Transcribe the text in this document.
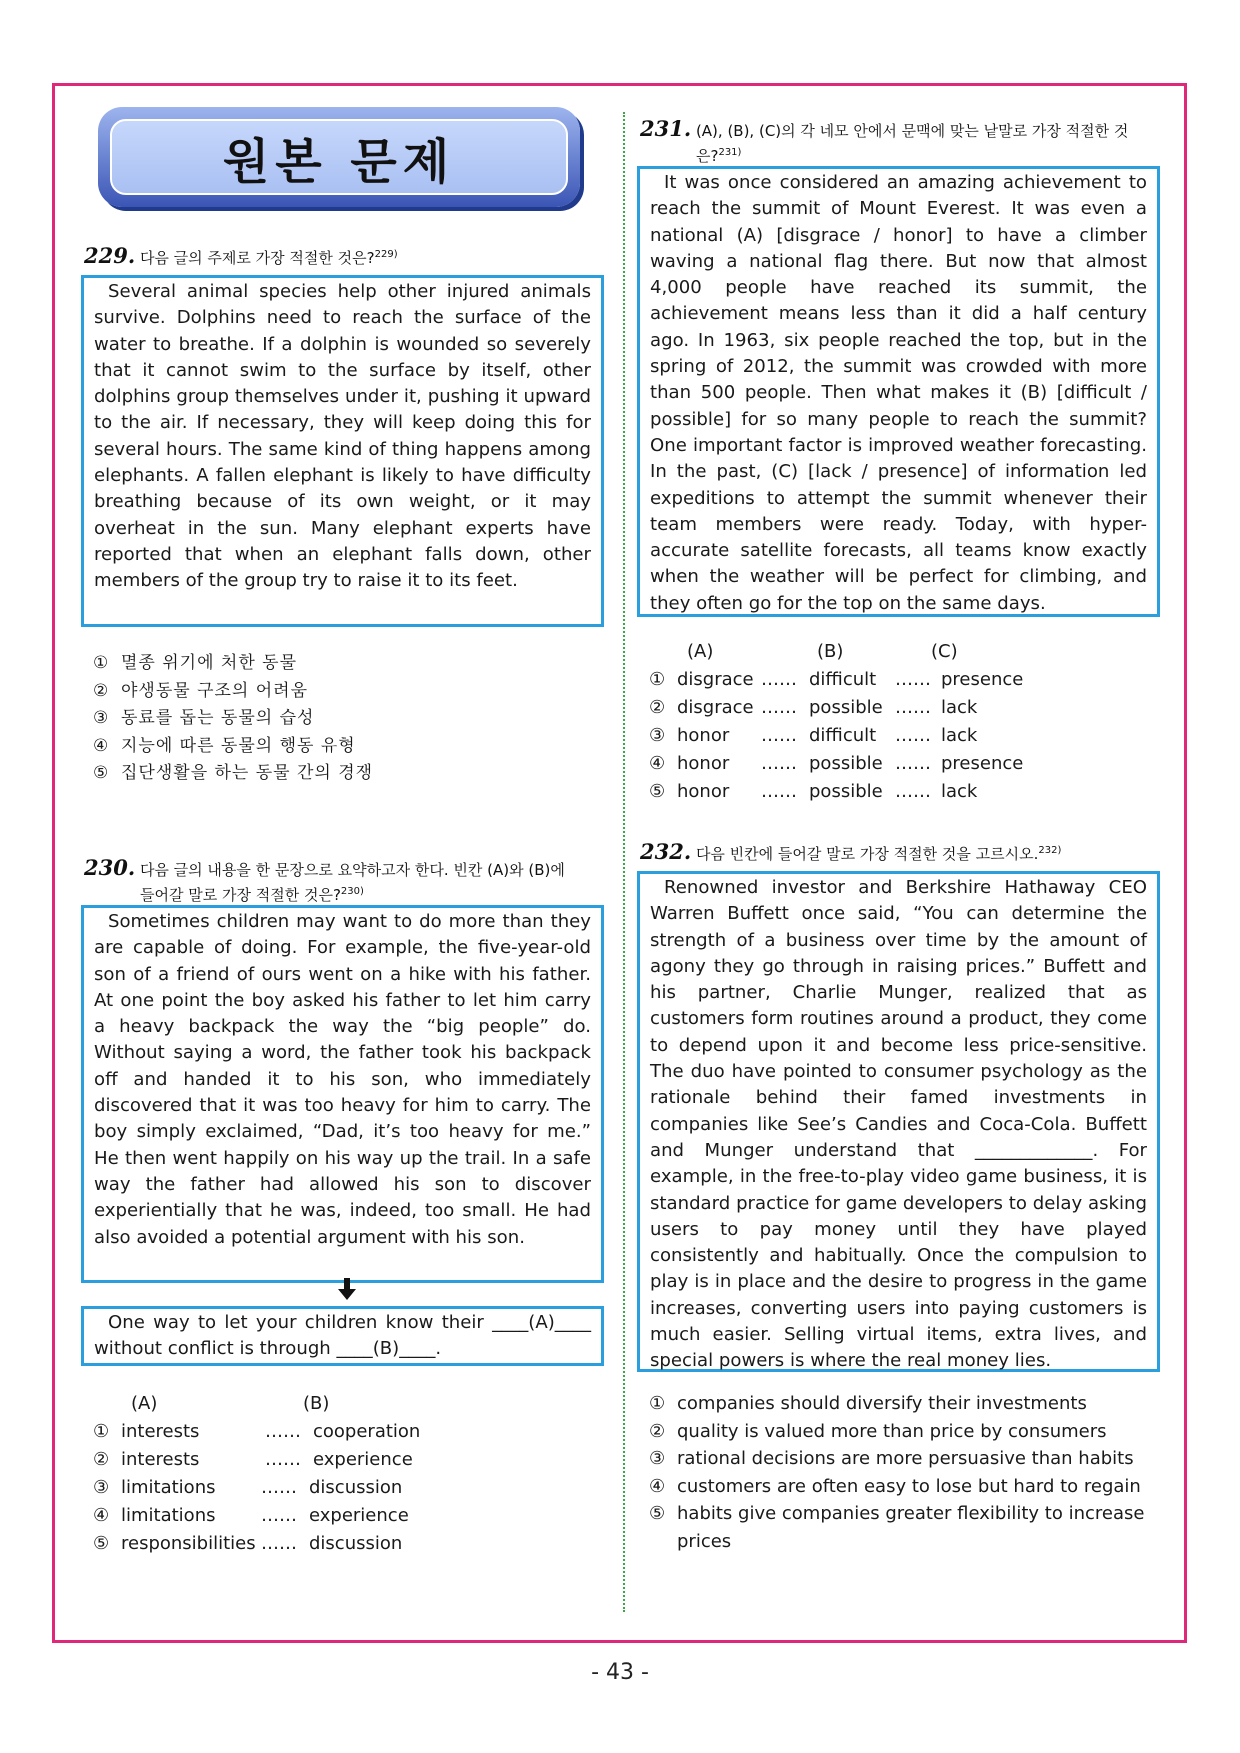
원본 문제
229. 다음 글의 주제로 가장 적절한 것은?$^{229)}$

Several animal species help other injured animals survive. Dolphins need to reach the surface of the water to breathe. If a dolphin is wounded so severely that it cannot swim to the surface by itself, other dolphins group themselves under it, pushing it upward to the air. If necessary, they will keep doing this for several hours. The same kind of thing happens among elephants. A fallen elephant is likely to have difficulty breathing because of its own weight, or it may overheat in the sun. Many elephant experts have reported that when an elephant falls down, other members of the group try to raise it to its feet.

① 멸종 위기에 처한 동물
② 야생동물 구조의 어려움
③ 동료를 돕는 동물의 습성
④ 지능에 따른 동물의 행동 유형
⑤ 집단생활을 하는 동물 간의 경쟁
230. 다음 글의 내용을 한 문장으로 요약하고자 한다. 빈칸 (A)와 (B)에
들어갈 말로 가장 적절한 것은?$^{230)}$

Sometimes children may want to do more than they are capable of doing. For example, the five-year-old son of a friend of ours went on a hike with his father. At one point the boy asked his father to let him carry a heavy backpack the way the “big people” do. Without saying a word, the father took his backpack off and handed it to his son, who immediately discovered that it was too heavy for him to carry. The boy simply exclaimed, “Dad, it’s too heavy for me.” He then went happily on his way up the trail. In a safe way the father had allowed his son to discover experientially that he was, indeed, too small. He had also avoided a potential argument with his son.

One way to let your children know their ____(A)____ without conflict is through ____(B)____.

(A)	(B)
① interests	…… cooperation
② interests	…… experience
③ limitations	…… discussion
④ limitations	…… experience
⑤ responsibilities …… discussion
231. (A), (B), (C)의 각 네모 안에서 문맥에 맞는 낱말로 가장 적절한 것
은?$^{231)}$

It was once considered an amazing achievement to reach the summit of Mount Everest. It was even a national (A) [disgrace / honor] to have a climber waving a national flag there. But now that almost 4,000 people have reached its summit, the achievement means less than it did a half century ago. In 1963, six people reached the top, but in the spring of 2012, the summit was crowded with more than 500 people. Then what makes it (B) [difficult / possible] for so many people to reach the summit? One important factor is improved weather forecasting. In the past, (C) [lack / presence] of information led expeditions to attempt the summit whenever their team members were ready. Today, with hyper-accurate satellite forecasts, all teams know exactly when the weather will be perfect for climbing, and they often go for the top on the same days.

(A)	(B)	(C)
① disgrace …… difficult …… presence
② disgrace …… possible …… lack
③ honor …… difficult …… lack
④ honor …… possible …… presence
⑤ honor …… possible …… lack
232. 다음 빈칸에 들어갈 말로 가장 적절한 것을 고르시오.$^{232)}$

Renowned investor and Berkshire Hathaway CEO Warren Buffett once said, “You can determine the strength of a business over time by the amount of agony they go through in raising prices.” Buffett and his partner, Charlie Munger, realized that as customers form routines around a product, they come to depend upon it and become less price-sensitive. The duo have pointed to consumer psychology as the rationale behind their famed investments in companies like See’s Candies and Coca-Cola. Buffett and Munger understand that _____________. For example, in the free-to-play video game business, it is standard practice for game developers to delay asking users to pay money until they have played consistently and habitually. Once the compulsion to play is in place and the desire to progress in the game increases, converting users into paying customers is much easier. Selling virtual items, extra lives, and special powers is where the real money lies.

① companies should diversify their investments
② quality is valued more than price by consumers
③ rational decisions are more persuasive than habits
④ customers are often easy to lose but hard to regain
⑤ habits give companies greater flexibility to increase prices
- 43 -
